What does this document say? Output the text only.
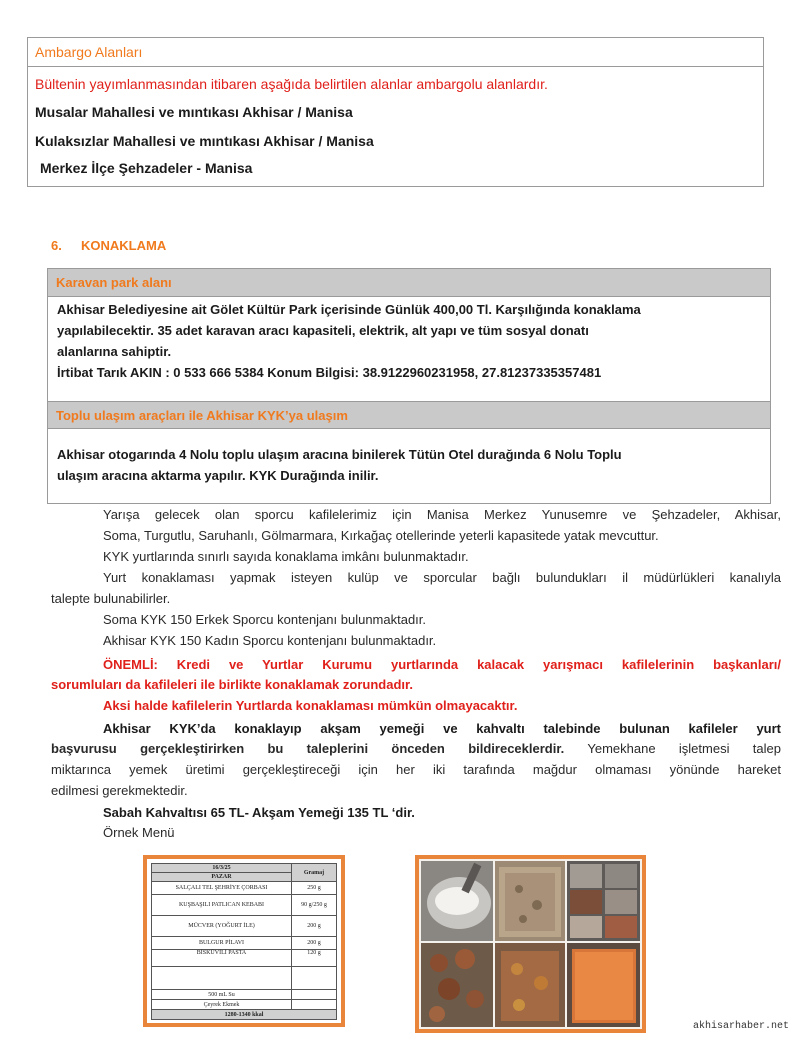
Ambargo Alanları
Bültenin yayımlanmasından itibaren aşağıda belirtilen alanlar ambargolu alanlardır.
Musalar Mahallesi ve mıntıkası Akhisar / Manisa
Kulaksızlar Mahallesi ve mıntıkası Akhisar / Manisa
Merkez İlçe Şehzadeler - Manisa
6. KONAKLAMA
Karavan park alanı
Akhisar Belediyesine ait Gölet Kültür Park içerisinde Günlük 400,00 Tl. Karşılığında konaklama
yapılabilecektir. 35 adet karavan aracı kapasiteli, elektrik, alt yapı ve tüm sosyal donatı
alanlarına sahiptir.
İrtibat Tarık AKIN : 0 533 666 5384 Konum Bilgisi: 38.9122960231958, 27.81237335357481
Toplu ulaşım araçları ile Akhisar KYK’ya ulaşım
Akhisar otogarında 4 Nolu toplu ulaşım aracına binilerek Tütün Otel durağında 6 Nolu Toplu
ulaşım aracına aktarma yapılır. KYK Durağında inilir.
Yarışa gelecek olan sporcu kafilelerimiz için Manisa Merkez Yunusemre ve Şehzadeler, Akhisar,
Soma, Turgutlu, Saruhanlı, Gölmarmara, Kırkağaç otellerinde yeterli kapasitede yatak mevcuttur.
KYK yurtlarında sınırlı sayıda konaklama imkânı bulunmaktadır.
Yurt konaklaması yapmak isteyen kulüp ve sporcular bağlı bulundukları il müdürlükleri kanalıyla
talepte bulunabilirler.
Soma KYK 150 Erkek Sporcu kontenjanı bulunmaktadır.
Akhisar KYK 150 Kadın Sporcu kontenjanı bulunmaktadır.
ÖNEMLİ: Kredi ve Yurtlar Kurumu yurtlarında kalacak yarışmacı kafilelerinin başkanları/
sorumluları da kafileleri ile birlikte konaklamak zorundadır.
Aksi halde kafilelerin Yurtlarda konaklaması mümkün olmayacaktır.
Akhisar KYK’da konaklayıp akşam yemeği ve kahvaltı talebinde bulunan kafileler yurt
başvurusu gerçekleştirirken bu taleplerini önceden bildireceklerdir. Yemekhane işletmesi talep
miktarınca yemek üretimi gerçekleştireceği için her iki tarafında mağdur olmaması yönünde hareket
edilmesi gerekmektedir.
Sabah Kahvaltısı 65 TL- Akşam Yemeği 135 TL ‘dir.
Örnek Menü
16/3/25	Gramaj
PAZAR	
SALÇALI TEL ŞEHRİYE ÇORBASI	250 g
KUŞBAŞILI PATLICAN KEBABI	90 g/250 g
MÜCVER (YOĞURT İLE)	200 g
BULGUR PİLAVI	200 g
BİSKÜVİLİ PASTA	120 g

500 mL Su	
Çeyrek Ekmek	
1280-1340 kkal	
akhisarhaber.net
